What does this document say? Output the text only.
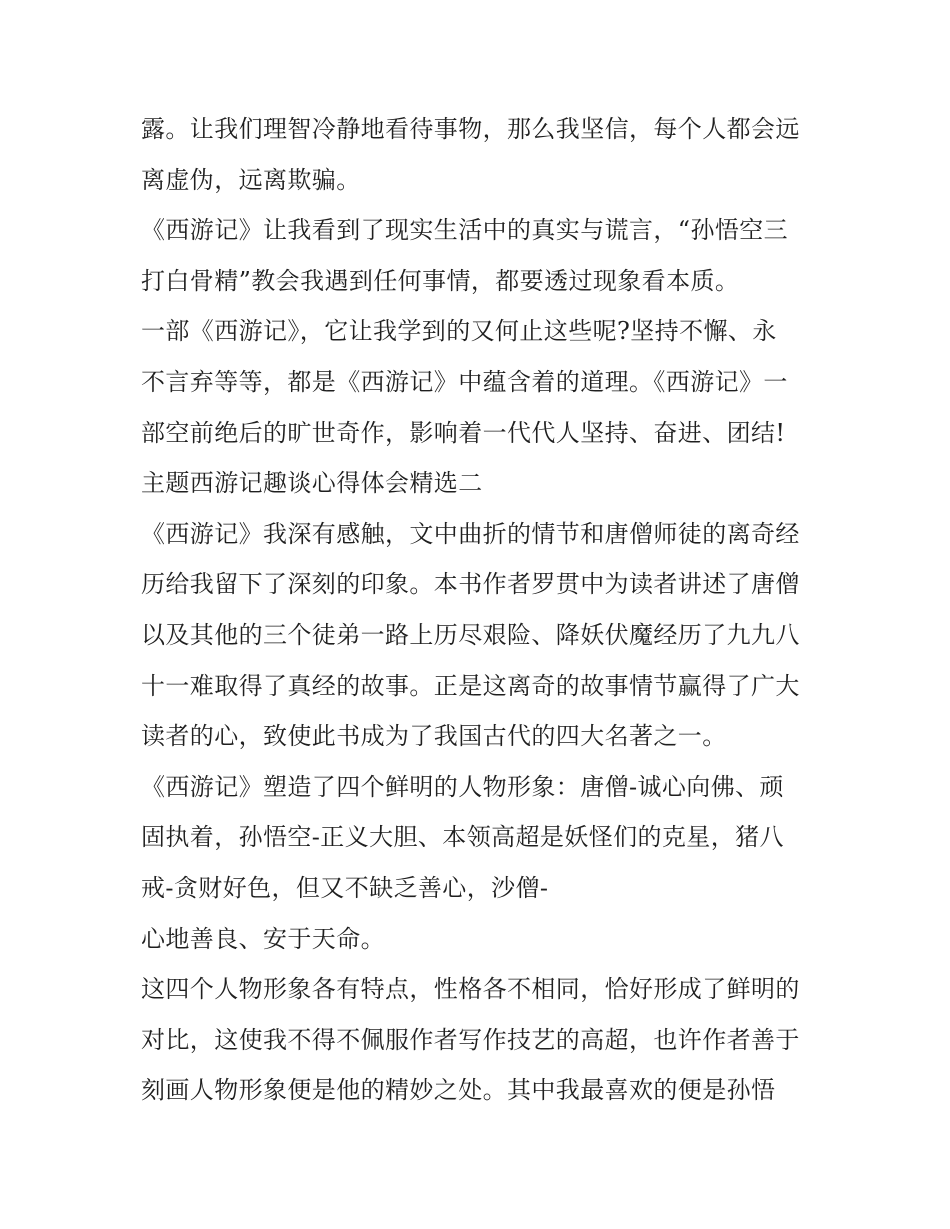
露。让我们理智冷静地看待事物，那么我坚信，每个人都会远
离虚伪，远离欺骗。
《西游记》让我看到了现实生活中的真实与谎言，“孙悟空三
打白骨精”教会我遇到任何事情，都要透过现象看本质。
一部《西游记》，它让我学到的又何止这些呢?坚持不懈、永
不言弃等等，都是《西游记》中蕴含着的道理。《西游记》一
部空前绝后的旷世奇作，影响着一代代人坚持、奋进、团结!
主题西游记趣谈心得体会精选二
《西游记》我深有感触，文中曲折的情节和唐僧师徒的离奇经
历给我留下了深刻的印象。本书作者罗贯中为读者讲述了唐僧
以及其他的三个徒弟一路上历尽艰险、降妖伏魔经历了九九八
十一难取得了真经的故事。正是这离奇的故事情节赢得了广大
读者的心，致使此书成为了我国古代的四大名著之一。
《西游记》塑造了四个鲜明的人物形象：唐僧-诚心向佛、顽
固执着，孙悟空-正义大胆、本领高超是妖怪们的克星，猪八
戒-贪财好色，但又不缺乏善心，沙僧-
心地善良、安于天命。
这四个人物形象各有特点，性格各不相同，恰好形成了鲜明的
对比，这使我不得不佩服作者写作技艺的高超，也许作者善于
刻画人物形象便是他的精妙之处。其中我最喜欢的便是孙悟
